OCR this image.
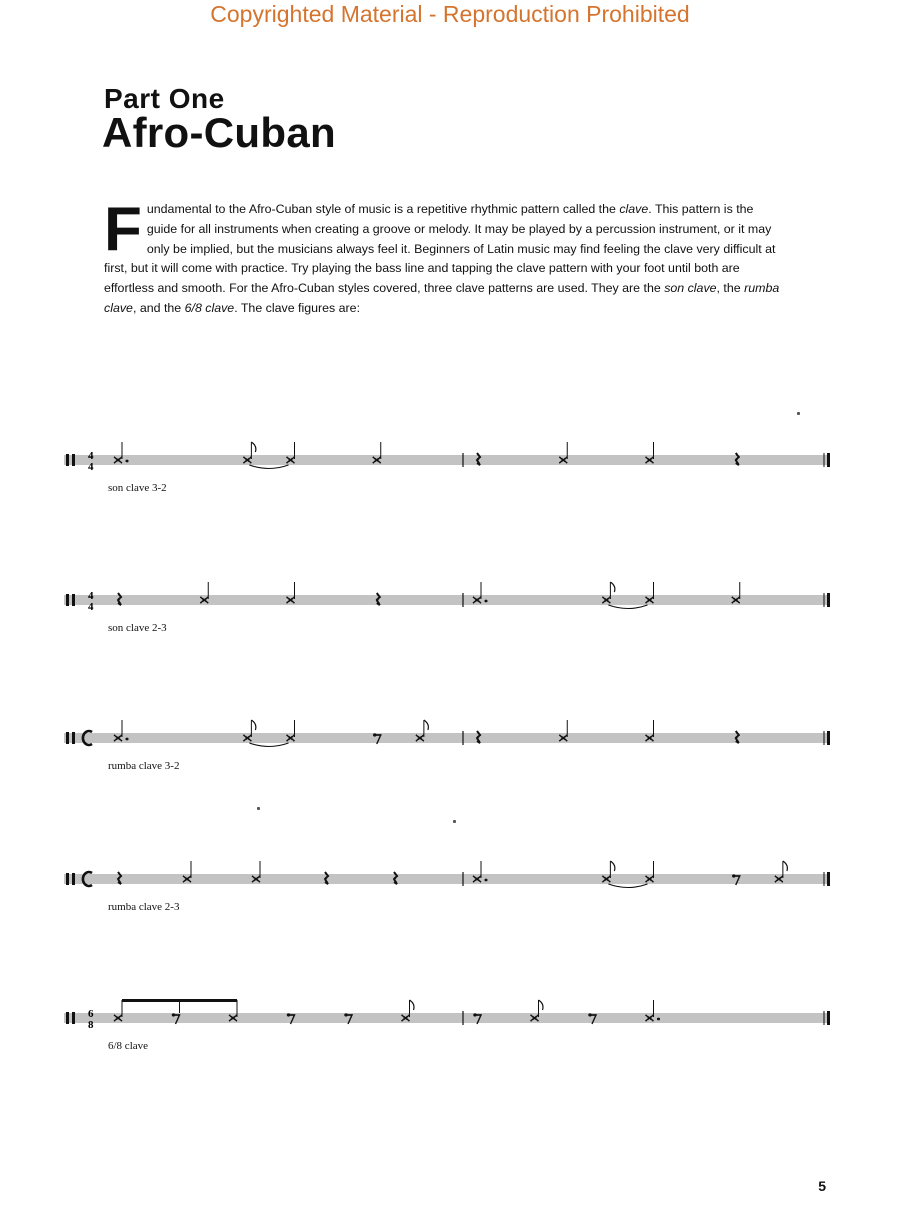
Copyrighted Material - Reproduction Prohibited
Part One
Afro-Cuban
F undamental to the Afro-Cuban style of music is a repetitive rhythmic pattern called the clave. This pattern is the guide for all instruments when creating a groove or melody. It may be played by a percussion instrument, or it may only be implied, but the musicians always feel it. Beginners of Latin music may find feeling the clave very difficult at first, but it will come with practice. Try playing the bass line and tapping the clave pattern with your foot until both are effortless and smooth. For the Afro-Cuban styles covered, three clave patterns are used. They are the son clave, the rumba clave, and the 6/8 clave. The clave figures are:
4
4
son clave 3-2
4
4
son clave 2-3
rumba clave 3-2
rumba clave 2-3
6
8
6/8 clave
5
